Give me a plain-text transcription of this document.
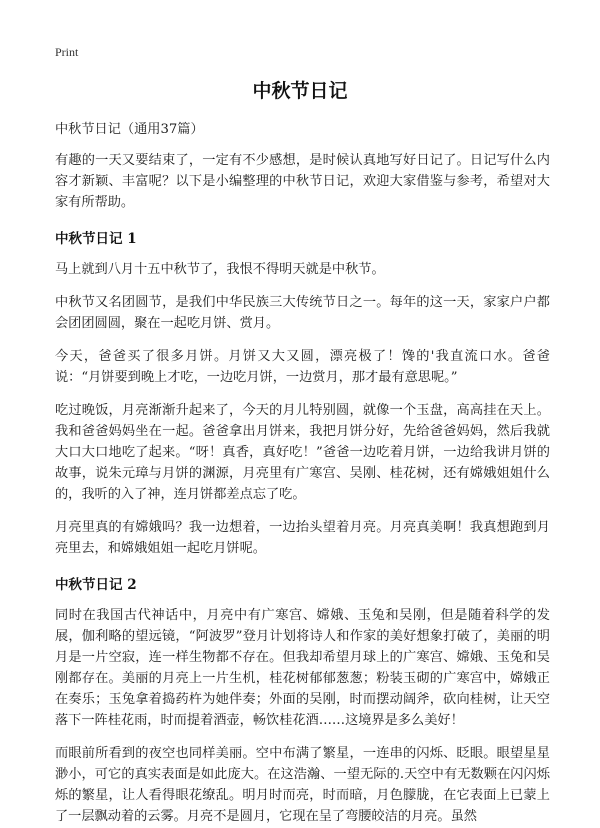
Print
中秋节日记

中秋节日记（通用37篇）

有趣的一天又要结束了，一定有不少感想，是时候认真地写好日记了。日记写什么内容才新颖、丰富呢？以下是小编整理的中秋节日记，欢迎大家借鉴与参考，希望对大家有所帮助。

中秋节日记 1

马上就到八月十五中秋节了，我恨不得明天就是中秋节。

中秋节又名团圆节，是我们中华民族三大传统节日之一。每年的这一天，家家户户都会团团圆圆，聚在一起吃月饼、赏月。

今天，爸爸买了很多月饼。月饼又大又圆，漂亮极了！馋的'我直流口水。爸爸说：“月饼要到晚上才吃，一边吃月饼，一边赏月，那才最有意思呢。”

吃过晚饭，月亮渐渐升起来了，今天的月儿特别圆，就像一个玉盘，高高挂在天上。我和爸爸妈妈坐在一起。爸爸拿出月饼来，我把月饼分好，先给爸爸妈妈，然后我就大口大口地吃了起来。“呀！真香，真好吃！”爸爸一边吃着月饼，一边给我讲月饼的故事，说朱元璋与月饼的渊源，月亮里有广寒宫、吴刚、桂花树，还有嫦娥姐姐什么的，我听的入了神，连月饼都差点忘了吃。

月亮里真的有嫦娥吗？我一边想着，一边抬头望着月亮。月亮真美啊！我真想跑到月亮里去，和嫦娥姐姐一起吃月饼呢。

中秋节日记 2

同时在我国古代神话中，月亮中有广寒宫、嫦娥、玉兔和吴刚，但是随着科学的发展，伽利略的望远镜，“阿波罗”登月计划将诗人和作家的美好想象打破了，美丽的明月是一片空寂，连一样生物都不存在。但我却希望月球上的广寒宫、嫦娥、玉兔和吴刚都存在。美丽的月亮上一片生机，桂花树郁郁葱葱；粉装玉砌的广寒宫中，嫦娥正在奏乐；玉兔拿着捣药杵为她伴奏；外面的吴刚，时而摆动阔斧，砍向桂树，让天空落下一阵桂花雨，时而提着酒壶，畅饮桂花酒……这境界是多么美好！

而眼前所看到的夜空也同样美丽。空中布满了繁星，一连串的闪烁、眨眼。眼望星星渺小，可它的真实表面是如此庞大。在这浩瀚、一望无际的.天空中有无数颗在闪闪烁烁的繁星，让人看得眼花缭乱。明月时而亮，时而暗，月色朦胧，在它表面上已蒙上了一层飘动着的云雾。月亮不是圆月，它现在呈了弯腰皎洁的月亮。虽然
